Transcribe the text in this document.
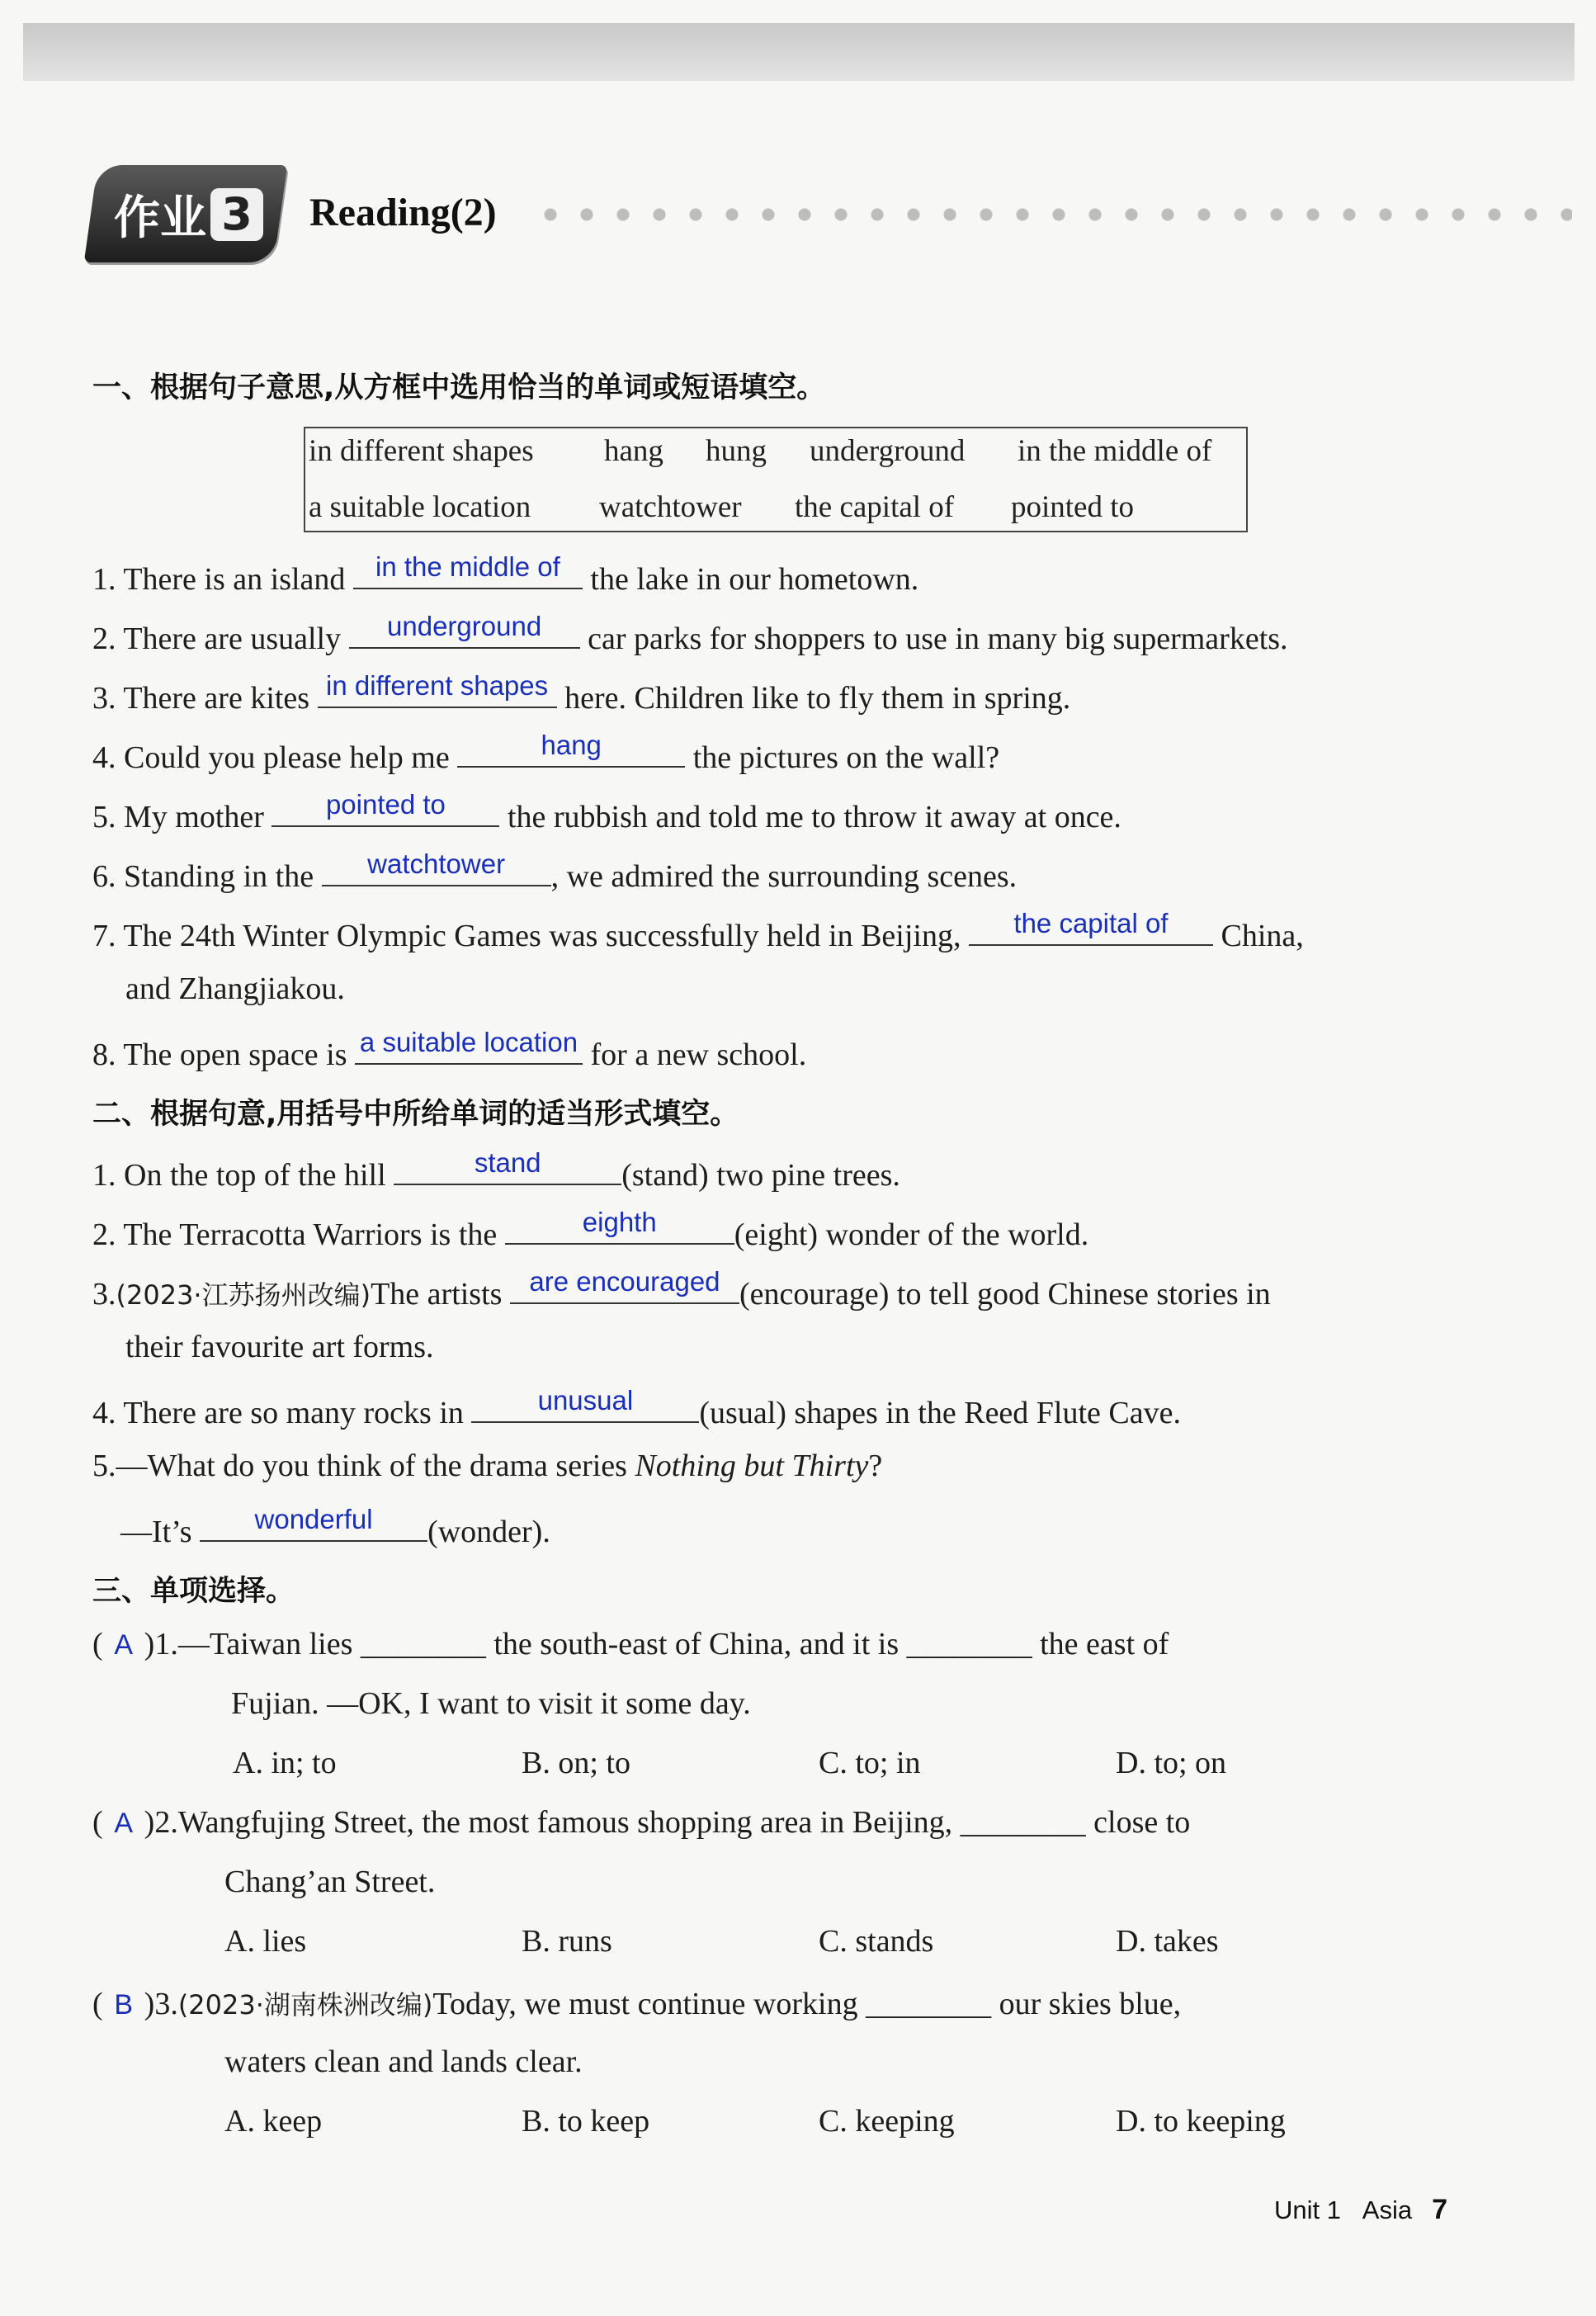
作业 3 Reading(2)
一、根据句子意思,从方框中选用恰当的单词或短语填空。
in different shapes hang hung underground in the middle of
a suitable location watchtower the capital of pointed to
1. There is an island	in the middle of the lake in our hometown.
2. There are usually	underground	car parks for shoppers to use in many big supermarkets.
3. There are kites in different shapes here. Children like to fly them in spring.
4. Could you please help me	hang	the pictures on the wall?
5. My mother	pointed to	the rubbish and told me to throw it away at once.
6. Standing in the	watchtower	, we admired the surrounding scenes.
7. The 24th Winter Olympic Games was successfully held in Beijing,	the capital of	China,
and Zhangjiakou.
8. The open space is a suitable location for a new school.
二、根据句意,用括号中所给单词的适当形式填空。
1. On the top of the hill	stand	(stand) two pine trees.
2. The Terracotta Warriors is the	eighth	(eight) wonder of the world.
3.(2023·江苏扬州改编)The artists are encouraged (encourage) to tell good Chinese stories in
their favourite art forms.
4. There are so many rocks in	unusual	(usual) shapes in the Reed Flute Cave.
5.—What do you think of the drama series Nothing but Thirty?
—It’s	wonderful	(wonder).
三、单项选择。
( A )1.—Taiwan lies ________ the south-east of China, and it is ________ the east of
Fujian. —OK, I want to visit it some day.
A. in; to	B. on; to	C. to; in	D. to; on
( A )2.Wangfujing Street, the most famous shopping area in Beijing, ________ close to
Chang’an Street.
A. lies	B. runs	C. stands	D. takes
( B )3.(2023·湖南株洲改编)Today, we must continue working ________ our skies blue,
waters clean and lands clear.
A. keep	B. to keep	C. keeping	D. to keeping
Unit 1 Asia 7
